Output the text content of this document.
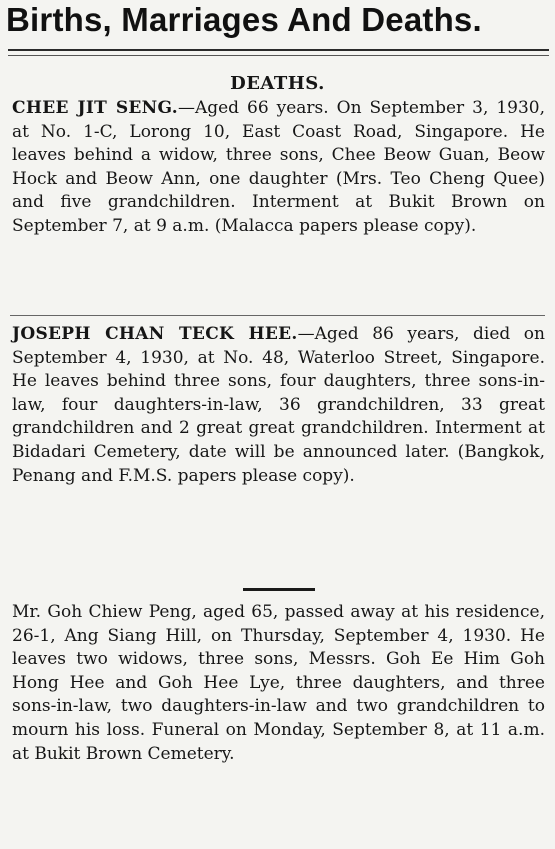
Births, Marriages And Deaths.
DEATHS.

CHEE JIT SENG.—Aged 66 years. On September 3, 1930, at No. 1-C, Lorong 10, East Coast Road, Singapore. He leaves behind a widow, three sons, Chee Beow Guan, Beow Hock and Beow Ann, one daughter (Mrs. Teo Cheng Quee) and five grandchildren. Interment at Bukit Brown on September 7, at 9 a.m. (Malacca papers please copy).

JOSEPH CHAN TECK HEE.—Aged 86 years, died on September 4, 1930, at No. 48, Waterloo Street, Singapore. He leaves behind three sons, four daughters, three sons-in-law, four daughters-in-law, 36 grandchildren, 33 great grandchildren and 2 great great grandchildren. Interment at Bidadari Cemetery, date will be announced later. (Bangkok, Penang and F.M.S. papers please copy).

Mr. Goh Chiew Peng, aged 65, passed away at his residence, 26-1, Ang Siang Hill, on Thursday, September 4, 1930. He leaves two widows, three sons, Messrs. Goh Ee Him Goh Hong Hee and Goh Hee Lye, three daughters, and three sons-in-law, two daughters-in-law and two grandchildren to mourn his loss. Funeral on Monday, September 8, at 11 a.m. at Bukit Brown Cemetery.
